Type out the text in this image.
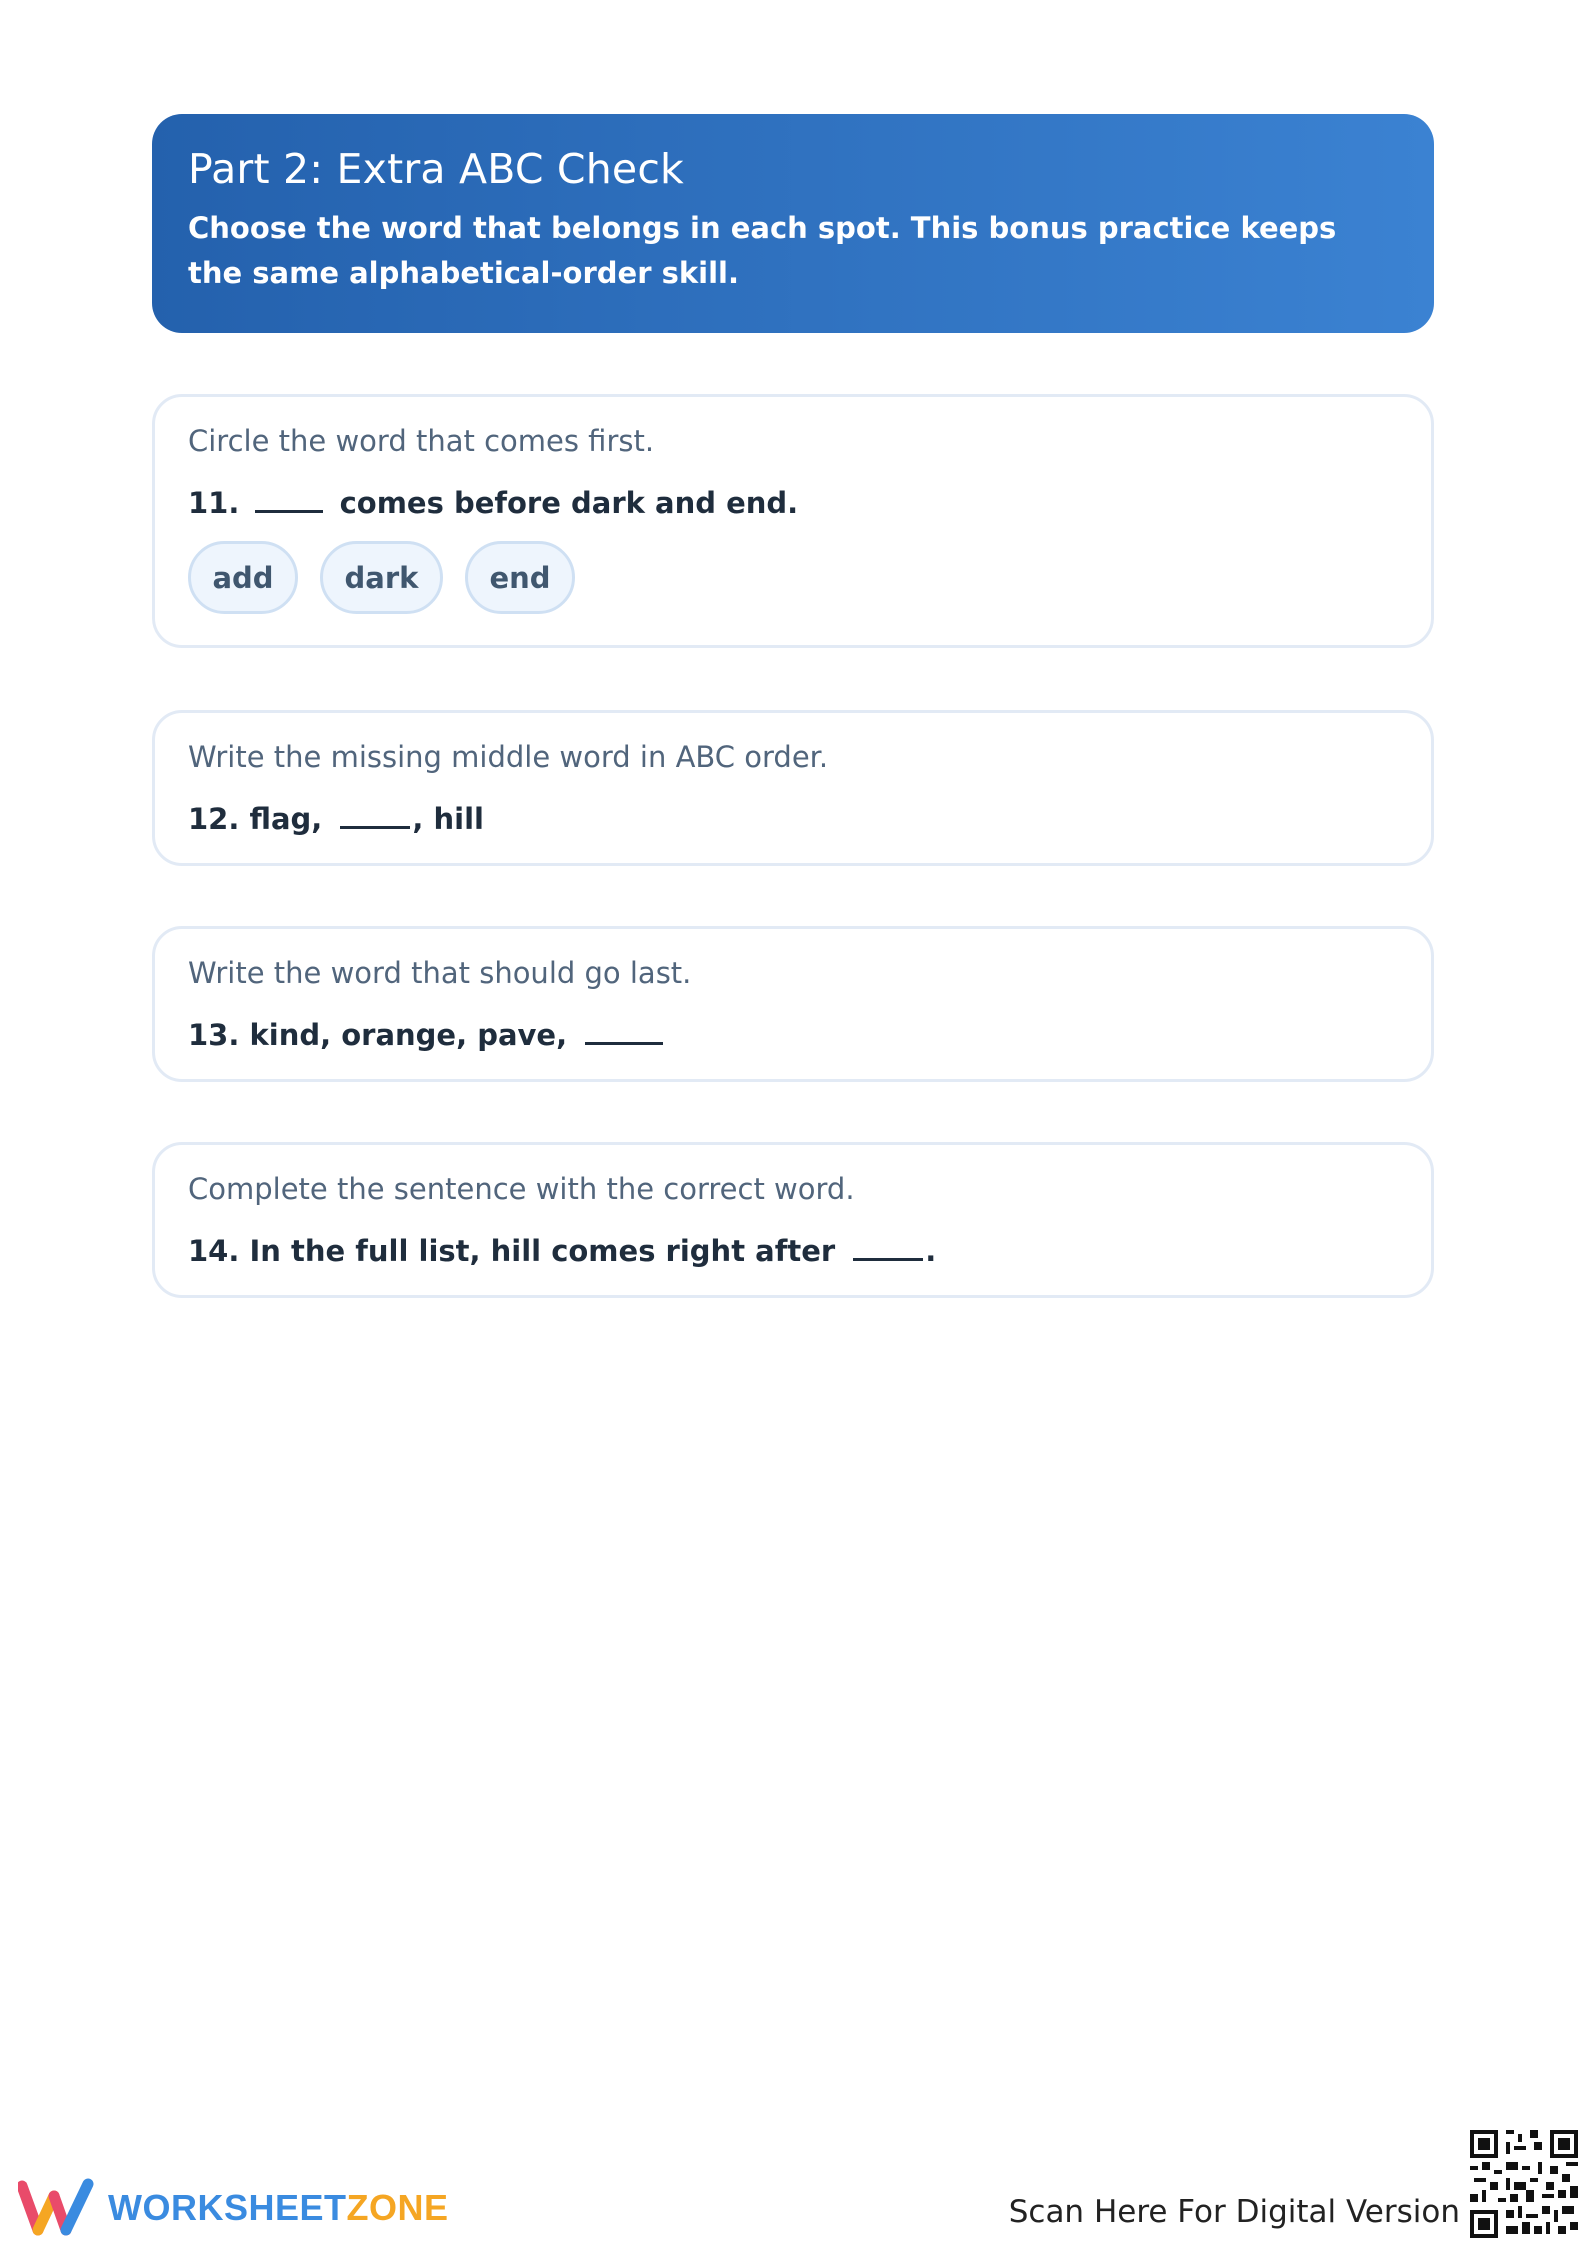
Part 2: Extra ABC Check

Choose the word that belongs in each spot. This bonus practice keeps the same alphabetical-order skill.

Circle the word that comes first.

11.	comes before dark and end.
add	dark	end

Write the missing middle word in ABC order.

12. flag,	, hill

Write the word that should go last.

13. kind, orange, pave,

Complete the sentence with the correct word.

14. In the full list, hill comes right after	.
WORKSHEETZONE	Scan Here For Digital Version
